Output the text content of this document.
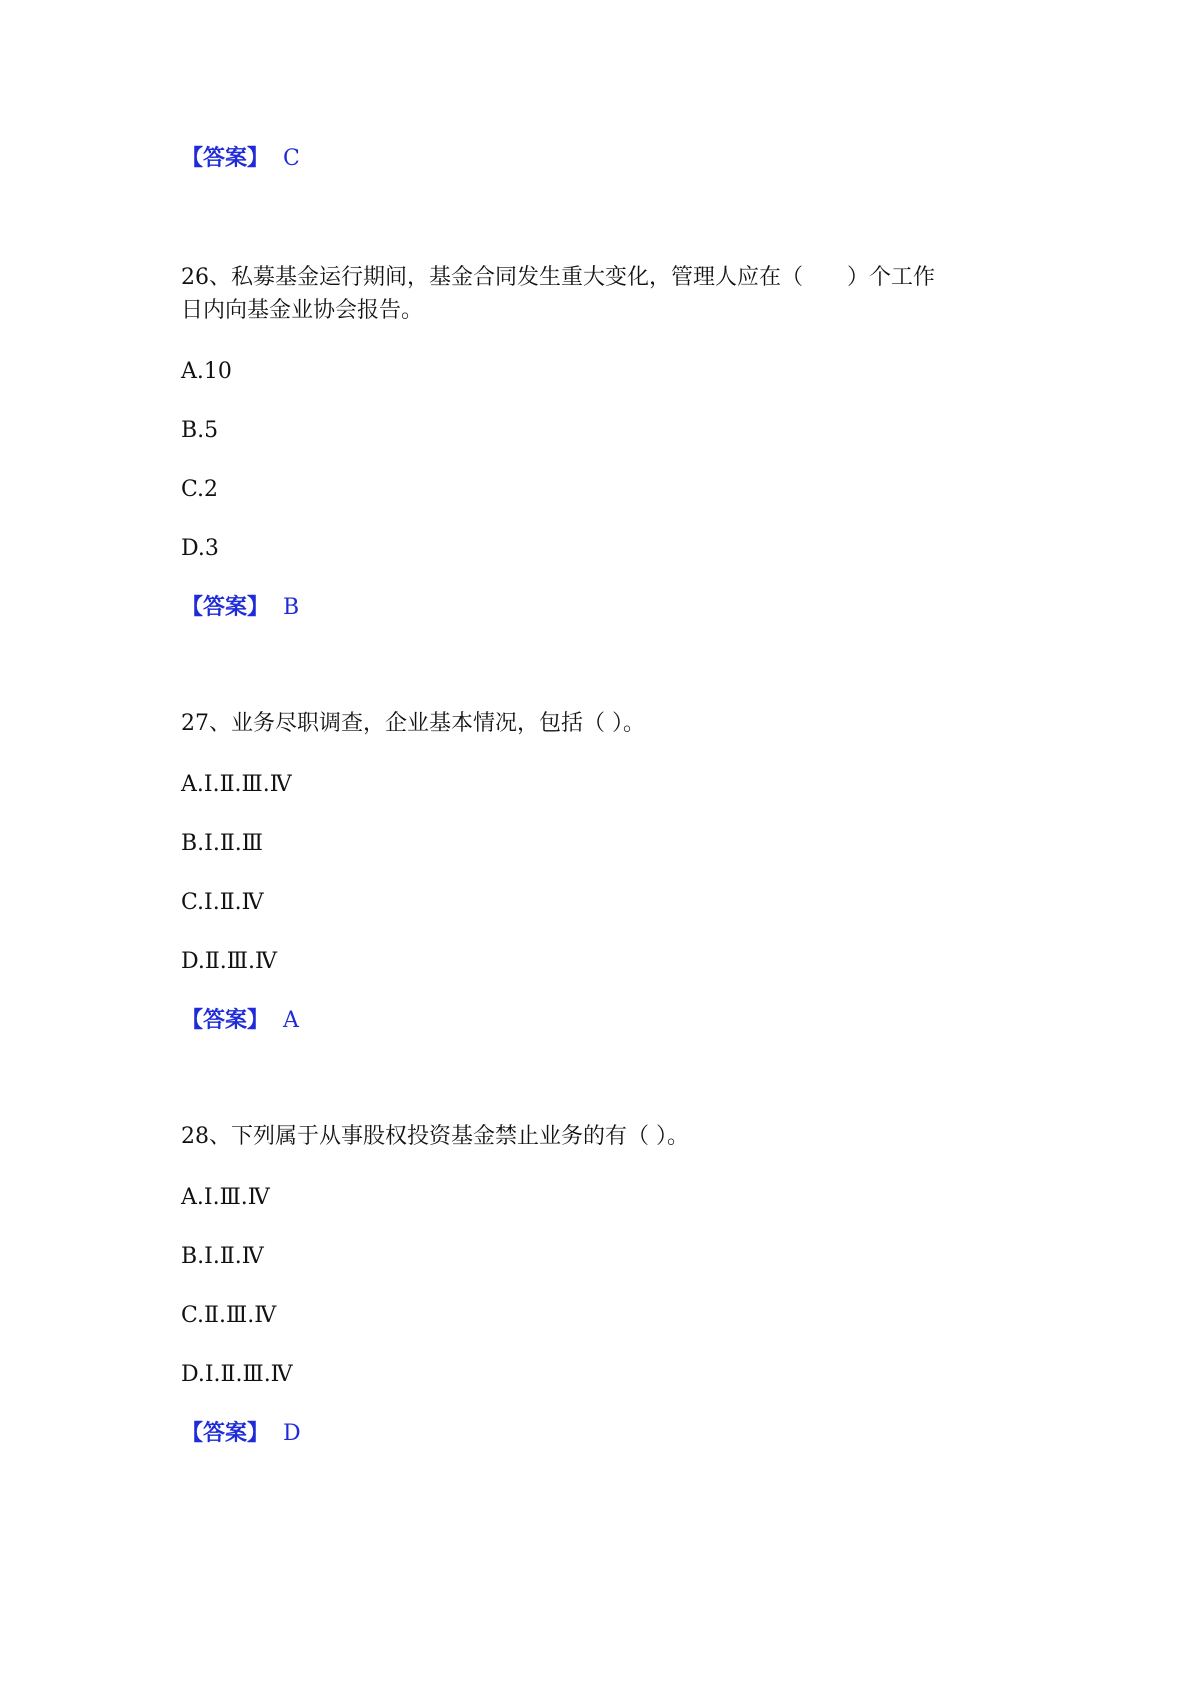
【答案】 C
26、私募基金运行期间，基金合同发生重大变化，管理人应在（　　）个工作
日内向基金业协会报告。
A.10
B.5
C.2
D.3
【答案】 B
27、业务尽职调查，企业基本情况，包括（ ）。
A.Ⅰ.Ⅱ.Ⅲ.Ⅳ
B.Ⅰ.Ⅱ.Ⅲ
C.Ⅰ.Ⅱ.Ⅳ
D.Ⅱ.Ⅲ.Ⅳ
【答案】 A
28、下列属于从事股权投资基金禁止业务的有（ ）。
A.Ⅰ.Ⅲ.Ⅳ
B.Ⅰ.Ⅱ.Ⅳ
C.Ⅱ.Ⅲ.Ⅳ
D.Ⅰ.Ⅱ.Ⅲ.Ⅳ
【答案】 D
